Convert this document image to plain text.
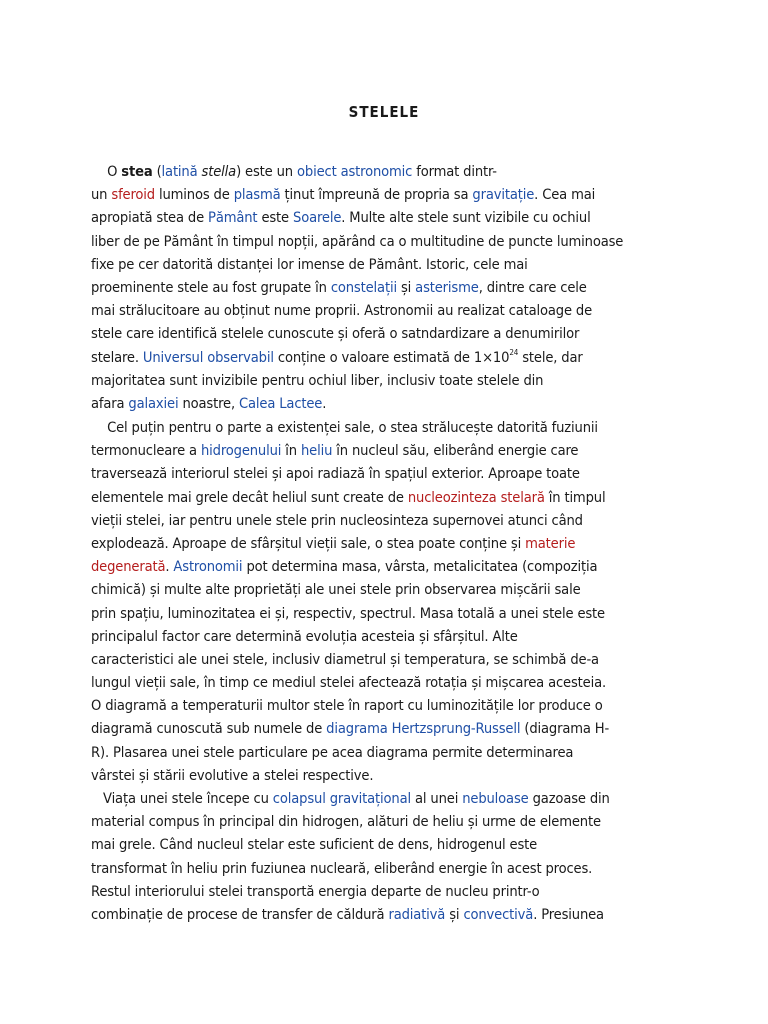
STELELE
O stea (latină stella) este un obiect astronomic format dintr-
un sferoid luminos de plasmă ținut împreună de propria sa gravitație. Cea mai
apropiată stea de Pământ este Soarele. Multe alte stele sunt vizibile cu ochiul
liber de pe Pământ în timpul nopții, apărând ca o multitudine de puncte luminoase
fixe pe cer datorită distanței lor imense de Pământ. Istoric, cele mai
proeminente stele au fost grupate în constelații și asterisme, dintre care cele
mai strălucitoare au obținut nume proprii. Astronomii au realizat cataloage de
stele care identifică stelele cunoscute și oferă o satndardizare a denumirilor
stelare. Universul observabil conține o valoare estimată de $1\times 10^{24}$ stele, dar
majoritatea sunt invizibile pentru ochiul liber, inclusiv toate stelele din
afara galaxiei noastre, Calea Lactee.
Cel puțin pentru o parte a existenței sale, o stea strălucește datorită fuziunii
termonucleare a hidrogenului în heliu în nucleul său, eliberând energie care
traversează interiorul stelei și apoi radiază în spațiul exterior. Aproape toate
elementele mai grele decât heliul sunt create de nucleozinteza stelară în timpul
vieții stelei, iar pentru unele stele prin nucleosinteza supernovei atunci când
explodează. Aproape de sfârșitul vieții sale, o stea poate conține și materie
degenerată. Astronomii pot determina masa, vârsta, metalicitatea (compoziția
chimică) și multe alte proprietăți ale unei stele prin observarea mișcării sale
prin spațiu, luminozitatea ei și, respectiv, spectrul. Masa totală a unei stele este
principalul factor care determină evoluția acesteia și sfârșitul. Alte
caracteristici ale unei stele, inclusiv diametrul și temperatura, se schimbă de-a
lungul vieții sale, în timp ce mediul stelei afectează rotația și mișcarea acesteia.
O diagramă a temperaturii multor stele în raport cu luminozitățile lor produce o
diagramă cunoscută sub numele de diagrama Hertzsprung-Russell (diagrama H-
R). Plasarea unei stele particulare pe acea diagrama permite determinarea
vârstei și stării evolutive a stelei respective.
Viața unei stele începe cu colapsul gravitațional al unei nebuloase gazoase din
material compus în principal din hidrogen, alături de heliu și urme de elemente
mai grele. Când nucleul stelar este suficient de dens, hidrogenul este
transformat în heliu prin fuziunea nucleară, eliberând energie în acest proces.
Restul interiorului stelei transportă energia departe de nucleu printr-o
combinație de procese de transfer de căldură radiativă și convectivă. Presiunea
